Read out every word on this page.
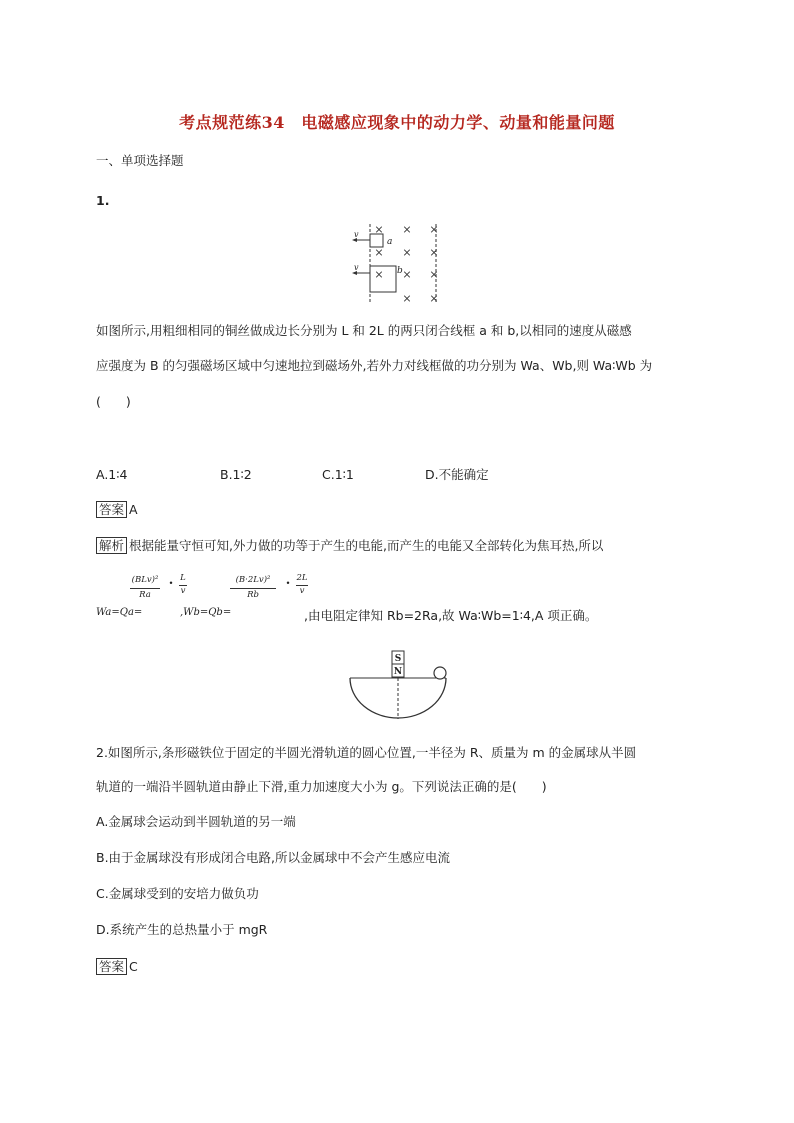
考点规范练34　电磁感应现象中的动力学、动量和能量问题
一、单项选择题
1.
× × ×
× × ×
× × ×
× ×
v
v
a
b
如图所示,用粗细相同的铜丝做成边长分别为 L 和 2L 的两只闭合线框 a 和 b,以相同的速度从磁感
应强度为 B 的匀强磁场区域中匀速地拉到磁场外,若外力对线框做的功分别为 Wa、Wb,则 Wa∶Wb 为
(　　)
A.1∶4	B.1∶2	C.1∶1	D.不能确定
答案 A
解析 根据能量守恒可知,外力做的功等于产生的电能,而产生的电能又全部转化为焦耳热,所以
(BLv)²
Ra
•
L
v
(B·2Lv)²
Rb
•
2L
v
Wa=Qa=	,Wb=Qb=	,由电阻定律知 Rb=2Ra,故 Wa∶Wb=1∶4,A 项正确。
S
N
2.如图所示,条形磁铁位于固定的半圆光滑轨道的圆心位置,一半径为 R、质量为 m 的金属球从半圆
轨道的一端沿半圆轨道由静止下滑,重力加速度大小为 g。下列说法正确的是(　　)
A.金属球会运动到半圆轨道的另一端
B.由于金属球没有形成闭合电路,所以金属球中不会产生感应电流
C.金属球受到的安培力做负功
D.系统产生的总热量小于 mgR
答案 C
